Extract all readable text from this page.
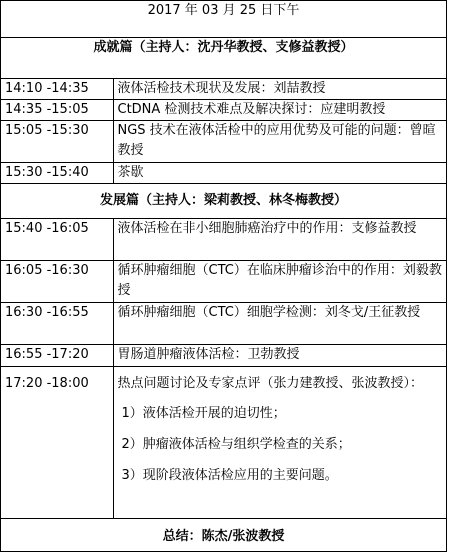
2017 年 03 月 25 日下午	
成就篇（主持人：沈丹华教授、支修益教授）	
14:10 -14:35	液体活检技术现状及发展：刘喆教授
14:35 -15:05	CtDNA 检测技术难点及解决探讨：应建明教授
15:05 -15:30	NGS 技术在液体活检中的应用优势及可能的问题：曾暄教授
15:30 -15:40	茶歇
发展篇（主持人：梁莉教授、林冬梅教授）	
15:40 -16:05	液体活检在非小细胞肺癌治疗中的作用：支修益教授
16:05 -16:30	循环肿瘤细胞（CTC）在临床肿瘤诊治中的作用：刘毅教授
16:30 -16:55	循环肿瘤细胞（CTC）细胞学检测：刘冬戈/王征教授
16:55 -17:20	胃肠道肿瘤液体活检：卫勃教授
17:20 -18:00	热点问题讨论及专家点评（张力建教授、张波教授）：
1）液体活检开展的迫切性；
2）肿瘤液体活检与组织学检查的关系；
3）现阶段液体活检应用的主要问题。

总结：陈杰/张波教授	
